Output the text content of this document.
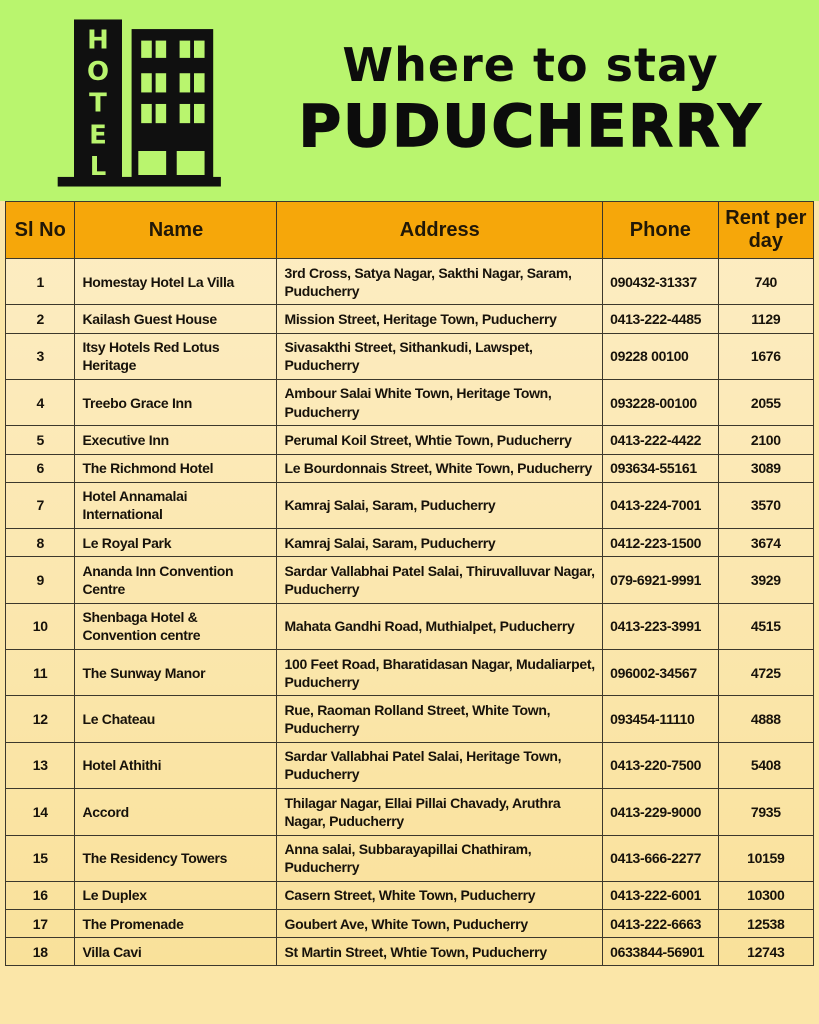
H
O
T
E
L
Where to stay
PUDUCHERRY
Sl No	Name	Address	Phone	Rent per day
1	Homestay Hotel La Villa	3rd Cross, Satya Nagar, Sakthi Nagar, Saram, Puducherry	090432-31337	740
2	Kailash Guest House	Mission Street, Heritage Town, Puducherry	0413-222-4485	1129
3	Itsy Hotels Red Lotus Heritage	Sivasakthi Street, Sithankudi, Lawspet, Puducherry	09228 00100	1676
4	Treebo Grace Inn	Ambour Salai White Town, Heritage Town, Puducherry	093228-00100	2055
5	Executive Inn	Perumal Koil Street, Whtie Town, Puducherry	0413-222-4422	2100
6	The Richmond Hotel	Le Bourdonnais Street, White Town, Puducherry	093634-55161	3089
7	Hotel Annamalai International	Kamraj Salai, Saram, Puducherry	0413-224-7001	3570
8	Le Royal Park	Kamraj Salai, Saram, Puducherry	0412-223-1500	3674
9	Ananda Inn Convention Centre	Sardar Vallabhai Patel Salai, Thiruvalluvar Nagar, Puducherry	079-6921-9991	3929
10	Shenbaga Hotel & Convention centre	Mahata Gandhi Road, Muthialpet, Puducherry	0413-223-3991	4515
11	The Sunway Manor	100 Feet Road, Bharatidasan Nagar, Mudaliarpet, Puducherry	096002-34567	4725
12	Le Chateau	Rue, Raoman Rolland Street, White Town, Puducherry	093454-11110	4888
13	Hotel Athithi	Sardar Vallabhai Patel Salai, Heritage Town, Puducherry	0413-220-7500	5408
14	Accord	Thilagar Nagar, Ellai Pillai Chavady, Aruthra Nagar, Puducherry	0413-229-9000	7935
15	The Residency Towers	Anna salai, Subbarayapillai Chathiram, Puducherry	0413-666-2277	10159
16	Le Duplex	Casern Street, White Town, Puducherry	0413-222-6001	10300
17	The Promenade	Goubert Ave, White Town, Puducherry	0413-222-6663	12538
18	Villa Cavi	St Martin Street, Whtie Town, Puducherry	0633844-56901	12743
